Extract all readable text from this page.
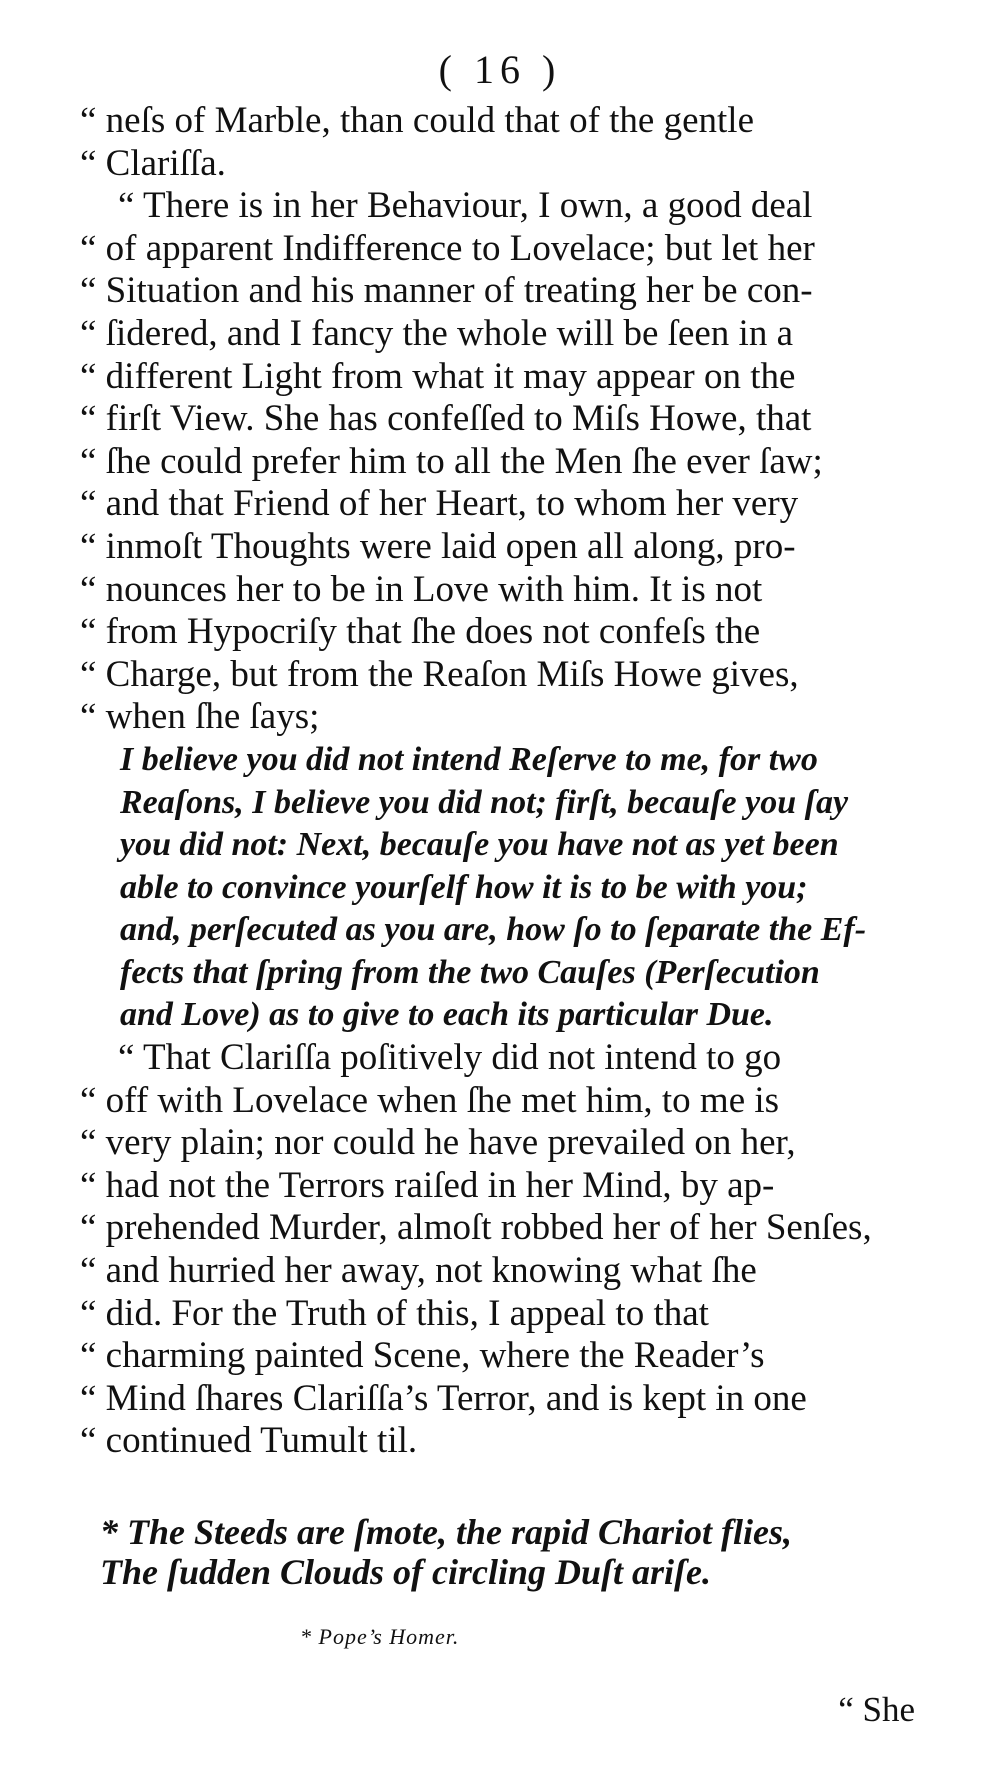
( 16 )
“ neſs of Marble, than could that of the gentle
“ Clariſſa.
“ There is in her Behaviour, I own, a good deal
“ of apparent Indifference to Lovelace; but let her
“ Situation and his manner of treating her be con-
“ ſidered, and I fancy the whole will be ſeen in a
“ different Light from what it may appear on the
“ firſt View. She has confeſſed to Miſs Howe, that
“ ſhe could prefer him to all the Men ſhe ever ſaw;
“ and that Friend of her Heart, to whom her very
“ inmoſt Thoughts were laid open all along, pro-
“ nounces her to be in Love with him. It is not
“ from Hypocriſy that ſhe does not confeſs the
“ Charge, but from the Reaſon Miſs Howe gives,
“ when ſhe ſays;
I believe you did not intend Reſerve to me, for two
Reaſons, I believe you did not; firſt, becauſe you ſay
you did not: Next, becauſe you have not as yet been
able to convince yourſelf how it is to be with you;
and, perſecuted as you are, how ſo to ſeparate the Ef-
fects that ſpring from the two Cauſes (Perſecution
and Love) as to give to each its particular Due.
“ That Clariſſa poſitively did not intend to go
“ off with Lovelace when ſhe met him, to me is
“ very plain; nor could he have prevailed on her,
“ had not the Terrors raiſed in her Mind, by ap-
“ prehended Murder, almoſt robbed her of her Senſes,
“ and hurried her away, not knowing what ſhe
“ did. For the Truth of this, I appeal to that
“ charming painted Scene, where the Reader’s
“ Mind ſhares Clariſſa’s Terror, and is kept in one
“ continued Tumult til.
* The Steeds are ſmote, the rapid Chariot flies,
The ſudden Clouds of circling Duſt ariſe.
* Pope’s Homer.
“ She
